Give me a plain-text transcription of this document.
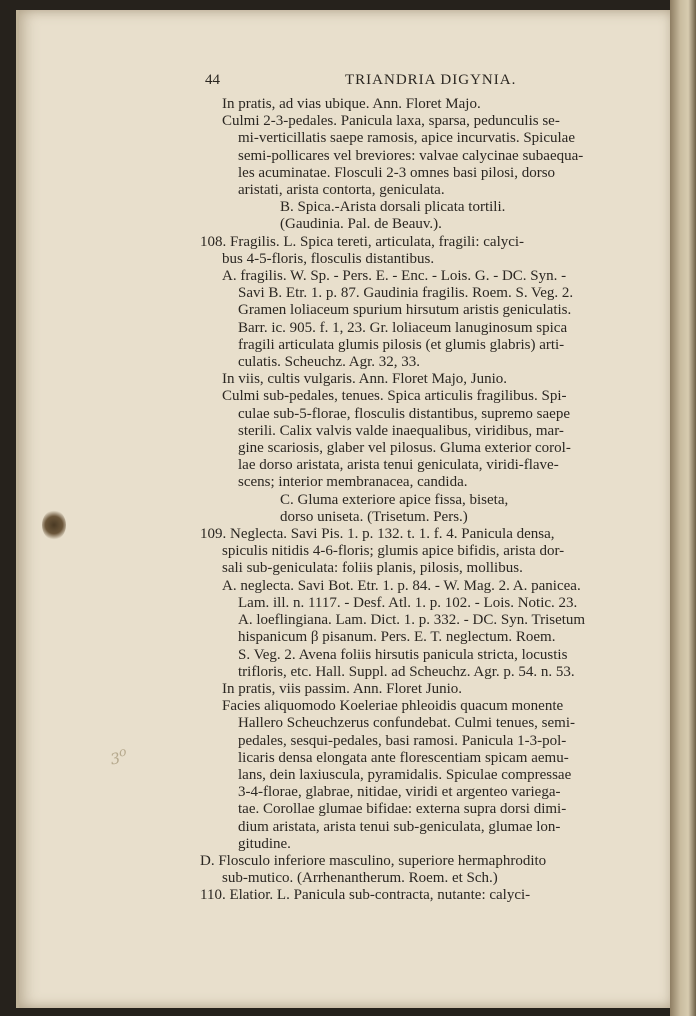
3$^o$
44	TRIANDRIA DIGYNIA.
In pratis, ad vias ubique. Ann. Floret Majo.
Culmi 2-3-pedales. Panicula laxa, sparsa, pedunculis se-
mi-verticillatis saepe ramosis, apice incurvatis. Spiculae
semi-pollicares vel breviores: valvae calycinae subaequa-
les acuminatae. Flosculi 2-3 omnes basi pilosi, dorso
aristati, arista contorta, geniculata.
B. Spica.-Arista dorsali plicata tortili.
(Gaudinia. Pal. de Beauv.).
108. Fragilis. L. Spica tereti, articulata, fragili: calyci-
bus 4-5-floris, flosculis distantibus.
A. fragilis. W. Sp. - Pers. E. - Enc. - Lois. G. - DC. Syn. -
Savi B. Etr. 1. p. 87. Gaudinia fragilis. Roem. S. Veg. 2.
Gramen loliaceum spurium hirsutum aristis geniculatis.
Barr. ic. 905. f. 1, 23. Gr. loliaceum lanuginosum spica
fragili articulata glumis pilosis (et glumis glabris) arti-
culatis. Scheuchz. Agr. 32, 33.
In viis, cultis vulgaris. Ann. Floret Majo, Junio.
Culmi sub-pedales, tenues. Spica articulis fragilibus. Spi-
culae sub-5-florae, flosculis distantibus, supremo saepe
sterili. Calix valvis valde inaequalibus, viridibus, mar-
gine scariosis, glaber vel pilosus. Gluma exterior corol-
lae dorso aristata, arista tenui geniculata, viridi-flave-
scens; interior membranacea, candida.
C. Gluma exteriore apice fissa, biseta,
dorso uniseta. (Trisetum. Pers.)
109. Neglecta. Savi Pis. 1. p. 132. t. 1. f. 4. Panicula densa,
spiculis nitidis 4-6-floris; glumis apice bifidis, arista dor-
sali sub-geniculata: foliis planis, pilosis, mollibus.
A. neglecta. Savi Bot. Etr. 1. p. 84. - W. Mag. 2. A. panicea.
Lam. ill. n. 1117. - Desf. Atl. 1. p. 102. - Lois. Notic. 23.
A. loeflingiana. Lam. Dict. 1. p. 332. - DC. Syn. Trisetum
hispanicum β pisanum. Pers. E. T. neglectum. Roem.
S. Veg. 2. Avena foliis hirsutis panicula stricta, locustis
trifloris, etc. Hall. Suppl. ad Scheuchz. Agr. p. 54. n. 53.
In pratis, viis passim. Ann. Floret Junio.
Facies aliquomodo Koeleriae phleoidis quacum monente
Hallero Scheuchzerus confundebat. Culmi tenues, semi-
pedales, sesqui-pedales, basi ramosi. Panicula 1-3-pol-
licaris densa elongata ante florescentiam spicam aemu-
lans, dein laxiuscula, pyramidalis. Spiculae compressae
3-4-florae, glabrae, nitidae, viridi et argenteo variega-
tae. Corollae glumae bifidae: externa supra dorsi dimi-
dium aristata, arista tenui sub-geniculata, glumae lon-
gitudine.
D. Flosculo inferiore masculino, superiore hermaphrodito
sub-mutico. (Arrhenantherum. Roem. et Sch.)
110. Elatior. L. Panicula sub-contracta, nutante: calyci-
